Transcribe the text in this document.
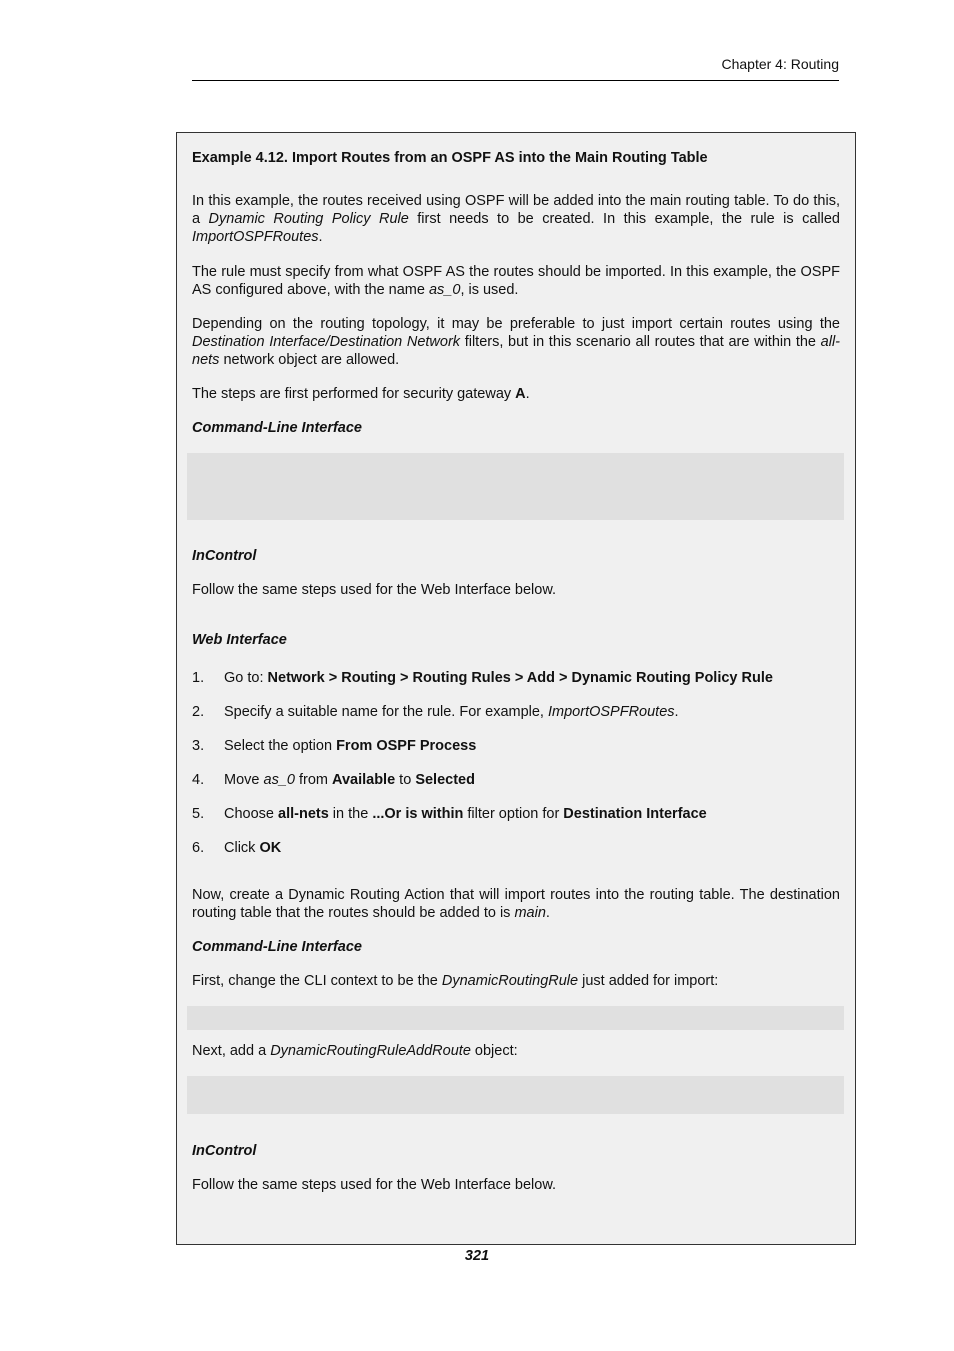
Chapter 4: Routing

Example 4.12. Import Routes from an OSPF AS into the Main Routing Table

In this example, the routes received using OSPF will be added into the main routing table. To do this, a Dynamic Routing Policy Rule first needs to be created. In this example, the rule is called ImportOSPFRoutes.

The rule must specify from what OSPF AS the routes should be imported. In this example, the OSPF AS configured above, with the name as_0, is used.

Depending on the routing topology, it may be preferable to just import certain routes using the Destination Interface/Destination Network filters, but in this scenario all routes that are within the all-nets network object are allowed.

The steps are first performed for security gateway A.

Command-Line Interface

InControl

Follow the same steps used for the Web Interface below.

Web Interface

1. Go to: Network > Routing > Routing Rules > Add > Dynamic Routing Policy Rule
2. Specify a suitable name for the rule. For example, ImportOSPFRoutes.
3. Select the option From OSPF Process
4. Move as_0 from Available to Selected
5. Choose all-nets in the ...Or is within filter option for Destination Interface
6. Click OK

Now, create a Dynamic Routing Action that will import routes into the routing table. The destination routing table that the routes should be added to is main.

Command-Line Interface

First, change the CLI context to be the DynamicRoutingRule just added for import:

Next, add a DynamicRoutingRuleAddRoute object:

InControl

Follow the same steps used for the Web Interface below.

321
